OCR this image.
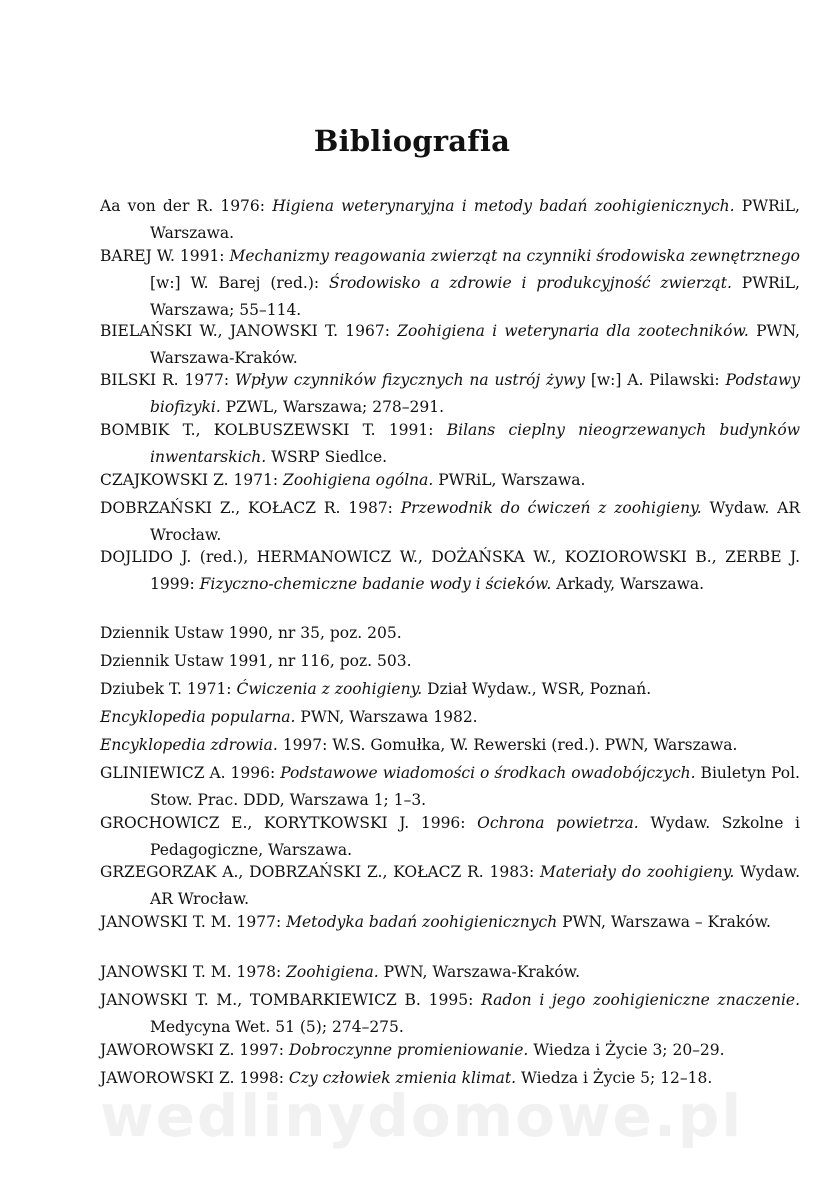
Bibliografia
Aa von der R. 1976: Higiena weterynaryjna i metody badań zoohigienicznych. PWRiL, Warszawa.
BAREJ W. 1991: Mechanizmy reagowania zwierząt na czynniki środowiska zewnętrznego [w:] W. Barej (red.): Środowisko a zdrowie i produkcyjność zwierząt. PWRiL, Warszawa; 55–114.
BIELAŃSKI W., JANOWSKI T. 1967: Zoohigiena i weterynaria dla zootechników. PWN, Warszawa-Kraków.
BILSKI R. 1977: Wpływ czynników fizycznych na ustrój żywy [w:] A. Pilawski: Podstawy biofizyki. PZWL, Warszawa; 278–291.
BOMBIK T., KOLBUSZEWSKI T. 1991: Bilans cieplny nieogrzewanych budynków inwentarskich. WSRP Siedlce.
CZAJKOWSKI Z. 1971: Zoohigiena ogólna. PWRiL, Warszawa.
DOBRZAŃSKI Z., KOŁACZ R. 1987: Przewodnik do ćwiczeń z zoohigieny. Wydaw. AR Wrocław.
DOJLIDO J. (red.), HERMANOWICZ W., DOŻAŃSKA W., KOZIOROWSKI B., ZERBE J. 1999: Fizyczno-chemiczne badanie wody i ścieków. Arkady, Warszawa.
Dziennik Ustaw 1990, nr 35, poz. 205.
Dziennik Ustaw 1991, nr 116, poz. 503.
Dziubek T. 1971: Ćwiczenia z zoohigieny. Dział Wydaw., WSR, Poznań.
Encyklopedia popularna. PWN, Warszawa 1982.
Encyklopedia zdrowia. 1997: W.S. Gomułka, W. Rewerski (red.). PWN, Warszawa.
GLINIEWICZ A. 1996: Podstawowe wiadomości o środkach owadobójczych. Biuletyn Pol. Stow. Prac. DDD, Warszawa 1; 1–3.
GROCHOWICZ E., KORYTKOWSKI J. 1996: Ochrona powietrza. Wydaw. Szkolne i Pedagogiczne, Warszawa.
GRZEGORZAK A., DOBRZAŃSKI Z., KOŁACZ R. 1983: Materiały do zoohigieny. Wydaw. AR Wrocław.
JANOWSKI T. M. 1977: Metodyka badań zoohigienicznych PWN, Warszawa – Kraków.
JANOWSKI T. M. 1978: Zoohigiena. PWN, Warszawa-Kraków.
JANOWSKI T. M., TOMBARKIEWICZ B. 1995: Radon i jego zoohigieniczne znaczenie. Medycyna Wet. 51 (5); 274–275.
JAWOROWSKI Z. 1997: Dobroczynne promieniowanie. Wiedza i Życie 3; 20–29.
JAWOROWSKI Z. 1998: Czy człowiek zmienia klimat. Wiedza i Życie 5; 12–18.
wedlinydomowe.pl
